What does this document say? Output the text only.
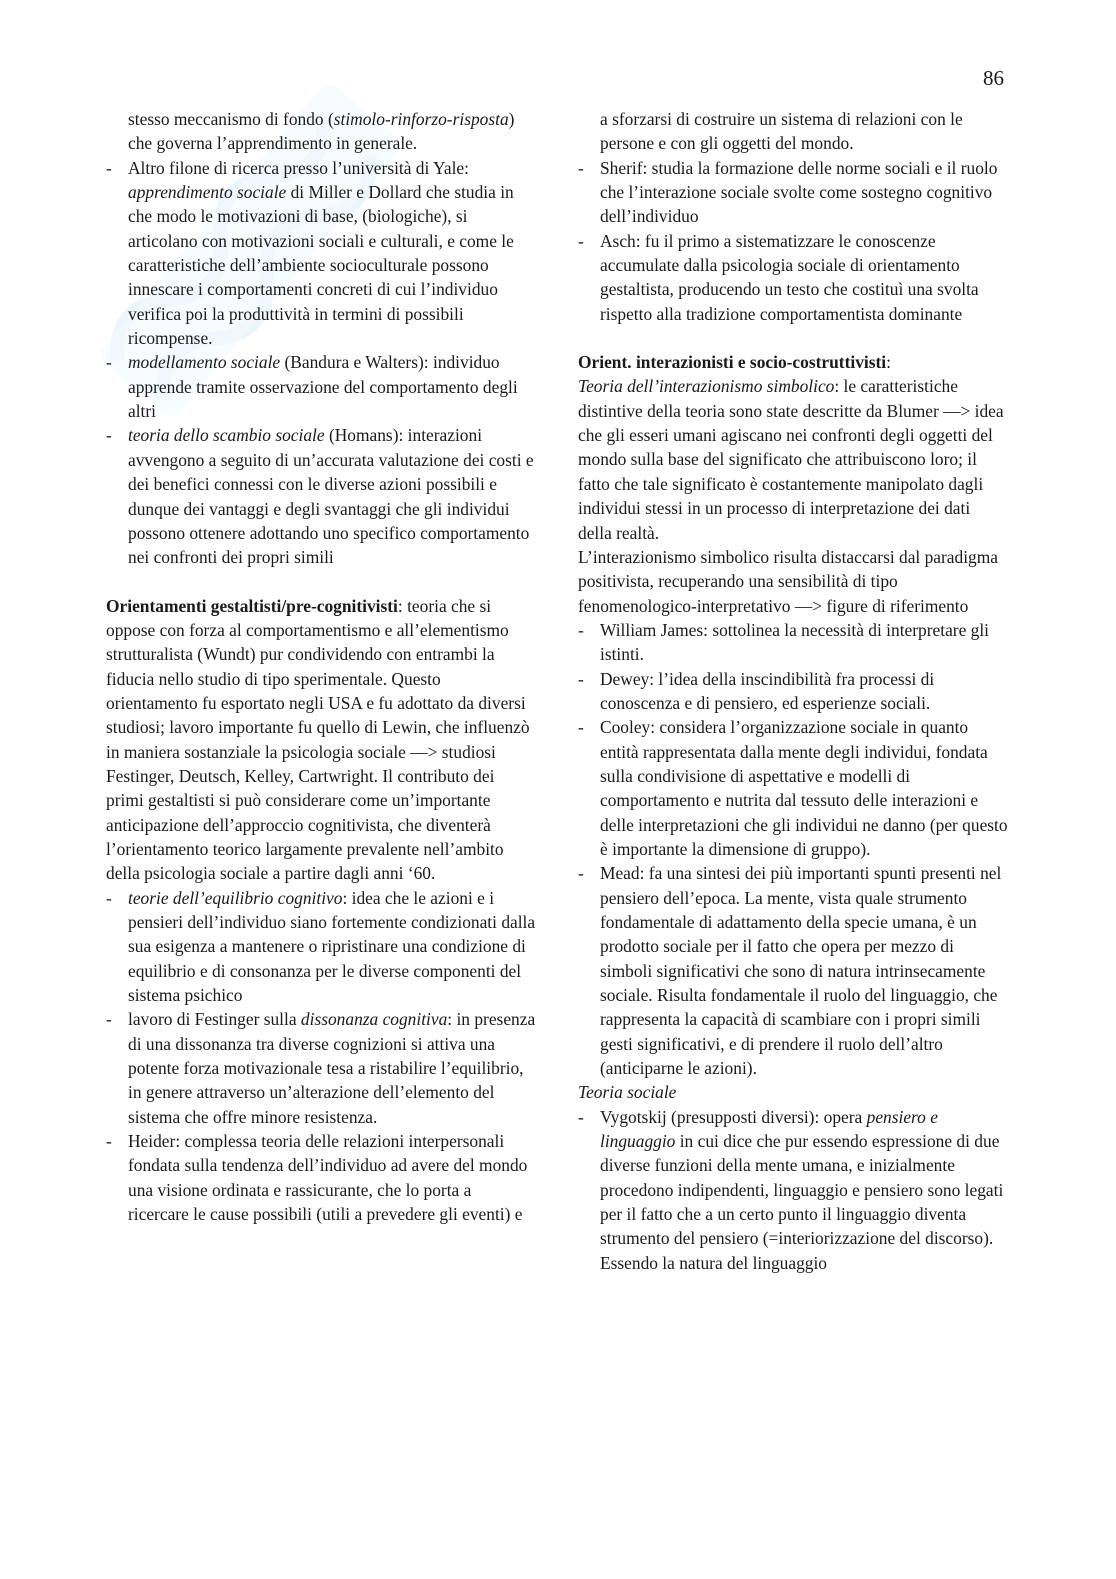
86

stesso meccanismo di fondo (stimolo-rinforzo-risposta) che governa l’apprendimento in generale.

- Altro filone di ricerca presso l’università di Yale: apprendimento sociale di Miller e Dollard che studia in che modo le motivazioni di base, (biologiche), si articolano con motivazioni sociali e culturali, e come le caratteristiche dell’ambiente socioculturale possono innescare i comportamenti concreti di cui l’individuo verifica poi la produttività in termini di possibili ricompense.
- modellamento sociale (Bandura e Walters): individuo apprende tramite osservazione del comportamento degli altri
- teoria dello scambio sociale (Homans): interazioni avvengono a seguito di un’accurata valutazione dei costi e dei benefici connessi con le diverse azioni possibili e dunque dei vantaggi e degli svantaggi che gli individui possono ottenere adottando uno specifico comportamento nei confronti dei propri simili

Orientamenti gestaltisti/pre-cognitivisti: teoria che si oppose con forza al comportamentismo e all’elementismo strutturalista (Wundt) pur condividendo con entrambi la fiducia nello studio di tipo sperimentale. Questo orientamento fu esportato negli USA e fu adottato da diversi studiosi; lavoro importante fu quello di Lewin, che influenzò in maniera sostanziale la psicologia sociale —> studiosi Festinger, Deutsch, Kelley, Cartwright. Il contributo dei primi gestaltisti si può considerare come un’importante anticipazione dell’approccio cognitivista, che diventerà l’orientamento teorico largamente prevalente nell’ambito della psicologia sociale a partire dagli anni ‘60.

- teorie dell’equilibrio cognitivo: idea che le azioni e i pensieri dell’individuo siano fortemente condizionati dalla sua esigenza a mantenere o ripristinare una condizione di equilibrio e di consonanza per le diverse componenti del sistema psichico
- lavoro di Festinger sulla dissonanza cognitiva: in presenza di una dissonanza tra diverse cognizioni si attiva una potente forza motivazionale tesa a ristabilire l’equilibrio, in genere attraverso un’alterazione dell’elemento del sistema che offre minore resistenza.
- Heider: complessa teoria delle relazioni interpersonali fondata sulla tendenza dell’individuo ad avere del mondo una visione ordinata e rassicurante, che lo porta a ricercare le cause possibili (utili a prevedere gli eventi) e

a sforzarsi di costruire un sistema di relazioni con le persone e con gli oggetti del mondo.

- Sherif: studia la formazione delle norme sociali e il ruolo che l’interazione sociale svolte come sostegno cognitivo dell’individuo
- Asch: fu il primo a sistematizzare le conoscenze accumulate dalla psicologia sociale di orientamento gestaltista, producendo un testo che costituì una svolta rispetto alla tradizione comportamentista dominante

Orient. interazionisti e socio-costruttivisti:

Teoria dell’interazionismo simbolico: le caratteristiche distintive della teoria sono state descritte da Blumer —> idea che gli esseri umani agiscano nei confronti degli oggetti del mondo sulla base del significato che attribuiscono loro; il fatto che tale significato è costantemente manipolato dagli individui stessi in un processo di interpretazione dei dati della realtà.

L’interazionismo simbolico risulta distaccarsi dal paradigma positivista, recuperando una sensibilità di tipo fenomenologico-interpretativo —> figure di riferimento

- William James: sottolinea la necessità di interpretare gli istinti.
- Dewey: l’idea della inscindibilità fra processi di conoscenza e di pensiero, ed esperienze sociali.
- Cooley: considera l’organizzazione sociale in quanto entità rappresentata dalla mente degli individui, fondata sulla condivisione di aspettative e modelli di comportamento e nutrita dal tessuto delle interazioni e delle interpretazioni che gli individui ne danno (per questo è importante la dimensione di gruppo).
- Mead: fa una sintesi dei più importanti spunti presenti nel pensiero dell’epoca. La mente, vista quale strumento fondamentale di adattamento della specie umana, è un prodotto sociale per il fatto che opera per mezzo di simboli significativi che sono di natura intrinsecamente sociale. Risulta fondamentale il ruolo del linguaggio, che rappresenta la capacità di scambiare con i propri simili gesti significativi, e di prendere il ruolo dell’altro (anticiparne le azioni).

Teoria sociale

- Vygotskij (presupposti diversi): opera pensiero e linguaggio in cui dice che pur essendo espressione di due diverse funzioni della mente umana, e inizialmente procedono indipendenti, linguaggio e pensiero sono legati per il fatto che a un certo punto il linguaggio diventa strumento del pensiero (=interiorizzazione del discorso). Essendo la natura del linguaggio
